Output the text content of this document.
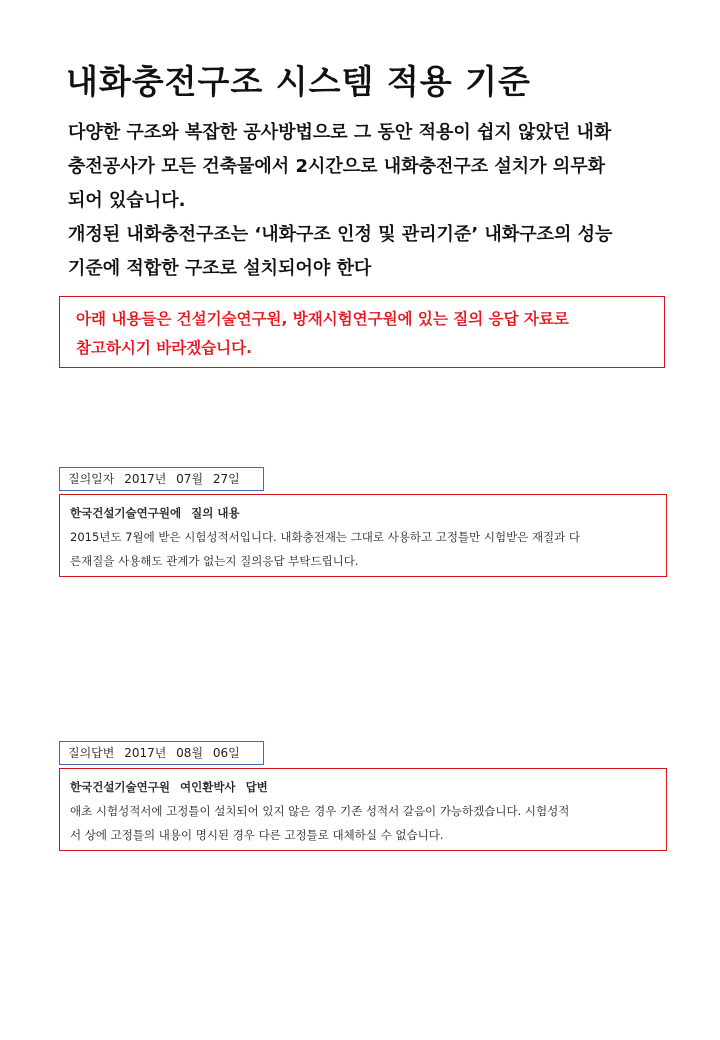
내화충전구조 시스템 적용 기준

다양한 구조와 복잡한 공사방법으로 그 동안 적용이 쉽지 않았던 내화

충전공사가 모든 건축물에서 2시간으로 내화충전구조 설치가 의무화

되어 있습니다.

개정된 내화충전구조는 ‘내화구조 인정 및 관리기준’ 내화구조의 성능

기준에 적합한 구조로 설치되어야 한다

아래 내용들은 건설기술연구원, 방재시험연구원에 있는 질의 응답 자료로
참고하시기 바라겠습니다.
질의일자 2017년 07월 27일
한국건설기술연구원에 질의 내용
2015년도 7월에 받은 시험성적서입니다. 내화충전재는 그대로 사용하고 고정틀만 시험받은 재질과 다
른재질을 사용해도 관계가 없는지 질의응답 부탁드립니다.
질의답변 2017년 08월 06일
한국건설기술연구원 여인환박사 답변
애초 시험성적서에 고정틀이 설치되어 있지 않은 경우 기존 성적서 갈음이 가능하겠습니다. 시험성적
서 상에 고정틀의 내용이 명시된 경우 다른 고정틀로 대체하실 수 없습니다.
